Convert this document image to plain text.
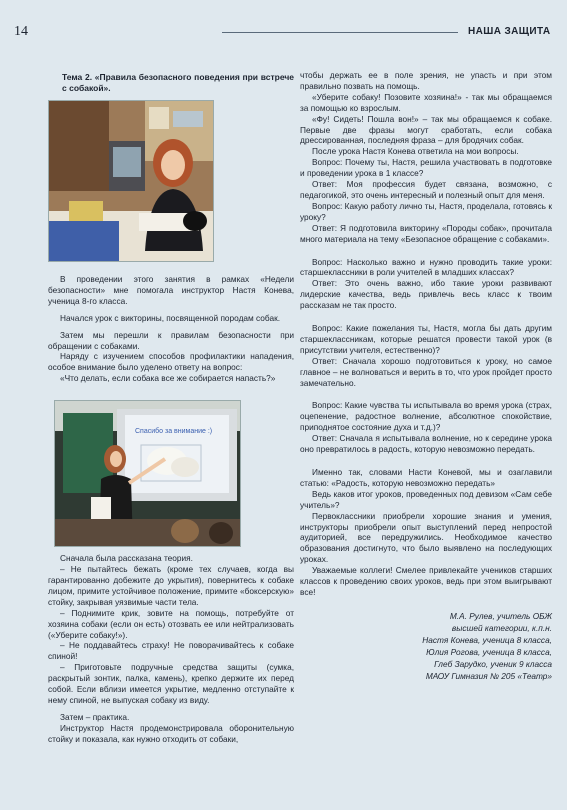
14	НАША ЗАЩИТА

Тема 2. «Правила безопасного поведения при встрече с собакой».

В проведении этого занятия в рамках «Недели безопасности» мне помогала инструктор Настя Конева, ученица 8-го класса.

Начался урок с викторины, посвященной породам собак.

Затем мы перешли к правилам безопасности при обращении с собаками.

Наряду с изучением способов профилактики нападения, особое внимание было уделено ответу на вопрос:

«Что делать, если собака все же собирается напасть?»

Спасибо за внимание :)

Сначала была рассказана теория.

– Не пытайтесь бежать (кроме тех случаев, когда вы гарантированно добежите до укрытия), повернитесь к собаке лицом, примите устойчивое положение, примите «боксерскую» стойку, закрывая уязвимые части тела.

– Поднимите крик, зовите на помощь, потребуйте от хозяина собаки (если он есть) отозвать ее или нейтрализовать («Уберите собаку!»).

– Не поддавайтесь страху! Не поворачивайтесь к собаке спиной!

– Приготовьте подручные средства защиты (сумка, раскрытый зонтик, палка, камень), крепко держите их перед собой. Если вблизи имеется укрытие, медленно отступайте к нему спиной, не выпуская собаку из виду.

Затем – практика.

Инструктор Настя продемонстрировала оборонительную стойку и показала, как нужно отходить от собаки,

чтобы держать ее в поле зрения, не упасть и при этом правильно позвать на помощь.

«Уберите собаку! Позовите хозяина!» - так мы обращаемся за помощью ко взрослым.

«Фу! Сидеть! Пошла вон!» – так мы обращаемся к собаке. Первые две фразы могут сработать, если собака дрессированная, последняя фраза – для бродячих собак.

После урока Настя Конева ответила на мои вопросы.

Вопрос: Почему ты, Настя, решила участвовать в подготовке и проведении урока в 1 классе?

Ответ: Моя профессия будет связана, возможно, с педагогикой, это очень интересный и полезный опыт для меня.

Вопрос: Какую работу лично ты, Настя, проделала, готовясь к уроку?

Ответ: Я подготовила викторину «Породы собак», прочитала много материала на тему «Безопасное обращение с собаками».

Вопрос: Насколько важно и нужно проводить такие уроки: старшеклассники в роли учителей в младших классах?

Ответ: Это очень важно, ибо такие уроки развивают лидерские качества, ведь привлечь весь класс к твоим рассказам не так просто.

Вопрос: Какие пожелания ты, Настя, могла бы дать другим старшеклассникам, которые решатся провести такой урок (в присутствии учителя, естественно)?

Ответ: Сначала хорошо подготовиться к уроку, но самое главное – не волноваться и верить в то, что урок пройдет просто замечательно.

Вопрос: Какие чувства ты испытывала во время урока (страх, оцепенение, радостное волнение, абсолютное спокойствие, приподнятое состояние духа и т.д.)?

Ответ: Сначала я испытывала волнение, но к середине урока оно превратилось в радость, которую невозможно передать.

Именно так, словами Насти Коневой, мы и озаглавили статью: «Радость, которую невозможно передать»

Ведь каков итог уроков, проведенных под девизом «Сам себе учитель»?

Первоклассники приобрели хорошие знания и умения, инструкторы приобрели опыт выступлений перед непростой аудиторией, все передружились. Необходимое качество образования достигнуто, что было выявлено на последующих уроках.

Уважаемые коллеги! Смелее привлекайте учеников старших классов к проведению своих уроков, ведь при этом выигрывают все!

М.А. Рулев, учитель ОБЖ
высшей категории, к.п.н.
Настя Конева, ученица 8 класса,
Юлия Рогова, ученица 8 класса,
Глеб Зарудко, ученик 9 класса
МАОУ Гимназия № 205 «Театр»
